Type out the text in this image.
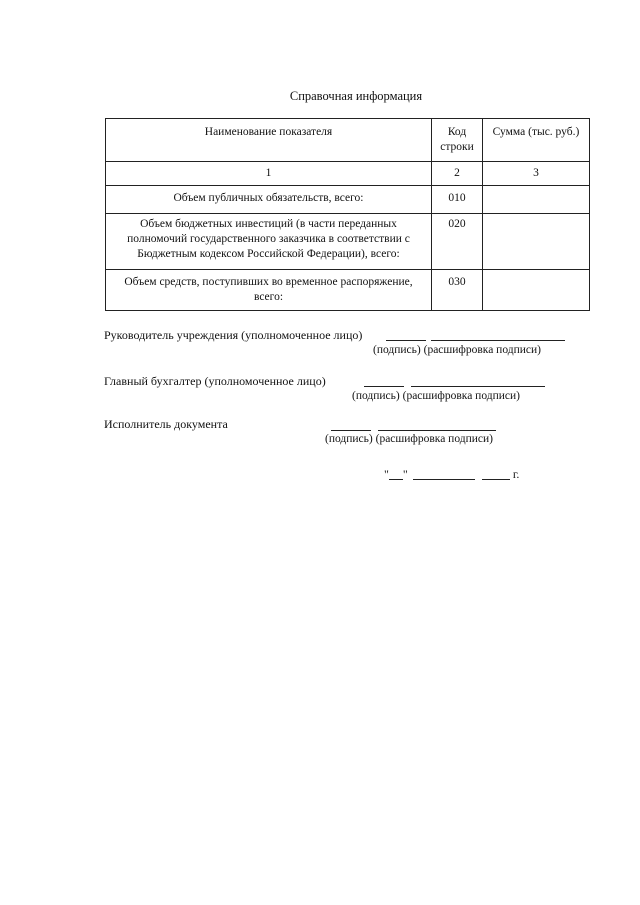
Справочная информация
Наименование показателя	Код строки	Сумма (тыс. руб.)
1	2	3
Объем публичных обязательств, всего:	010	
Объем бюджетных инвестиций (в части переданных полномочий государственного заказчика в соответствии с Бюджетным кодексом Российской Федерации), всего:	020	
Объем средств, поступивших во временное распоряжение, всего:	030	
Руководитель учреждения (уполномоченное лицо)
(подпись) (расшифровка подписи)
Главный бухгалтер (уполномоченное лицо)
(подпись) (расшифровка подписи)
Исполнитель документа
(подпись) (расшифровка подписи)
" "	г.
